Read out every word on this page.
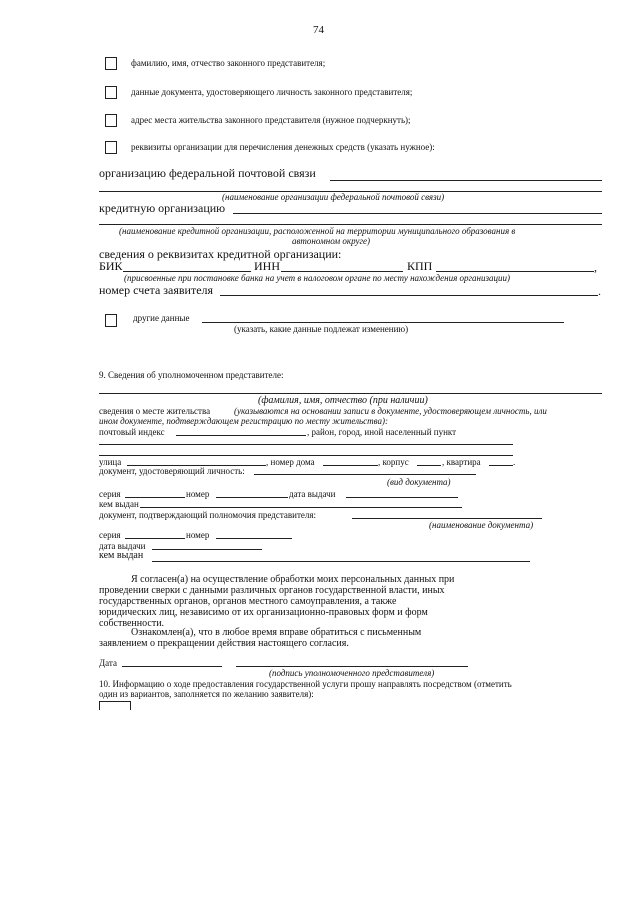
74
фамилию, имя, отчество законного представителя;
данные документа, удостоверяющего личность законного представителя;
адрес места жительства законного представителя (нужное подчеркнуть);
реквизиты организации для перечисления денежных средств (указать нужное):
организацию федеральной почтовой связи
(наименование организации федеральной почтовой связи)
кредитную организацию
(наименование кредитной организации, расположенной на территории муниципального образования в
автономном округе)
сведения о реквизитах кредитной организации:
БИК	ИНН	КПП	,
(присвоенные при постановке банка на учет в налоговом органе по месту нахождения организации)
номер счета заявителя	.
другие данные
(указать, какие данные подлежат изменению)
9. Сведения об уполномоченном представителе:
(фамилия, имя, отчество (при наличии)
сведения о месте жительства	(указываются на основании записи в документе, удостоверяющем личность, или
ином документе, подтверждающем регистрацию по месту жительства):
почтовый индекс	, район, город, иной населенный пункт
улица	, номер дома	, корпус	, квартира	.
документ, удостоверяющий личность:
(вид документа)
серия	номер	дата выдачи
кем выдан
документ, подтверждающий полномочия представителя:
(наименование документа)
серия	номер
дата выдачи
кем выдан
Я согласен(а) на осуществление обработки моих персональных данных при
проведении сверки с данными различных органов государственной власти, иных
государственных органов, органов местного самоуправления, а также
юридических лиц, независимо от их организационно-правовых форм и форм
собственности.
Ознакомлен(а), что в любое время вправе обратиться с письменным
заявлением о прекращении действия настоящего согласия.
Дата
(подпись уполномоченного представителя)
10. Информацию о ходе предоставления государственной услуги прошу направлять посредством (отметить
один из вариантов, заполняется по желанию заявителя):
